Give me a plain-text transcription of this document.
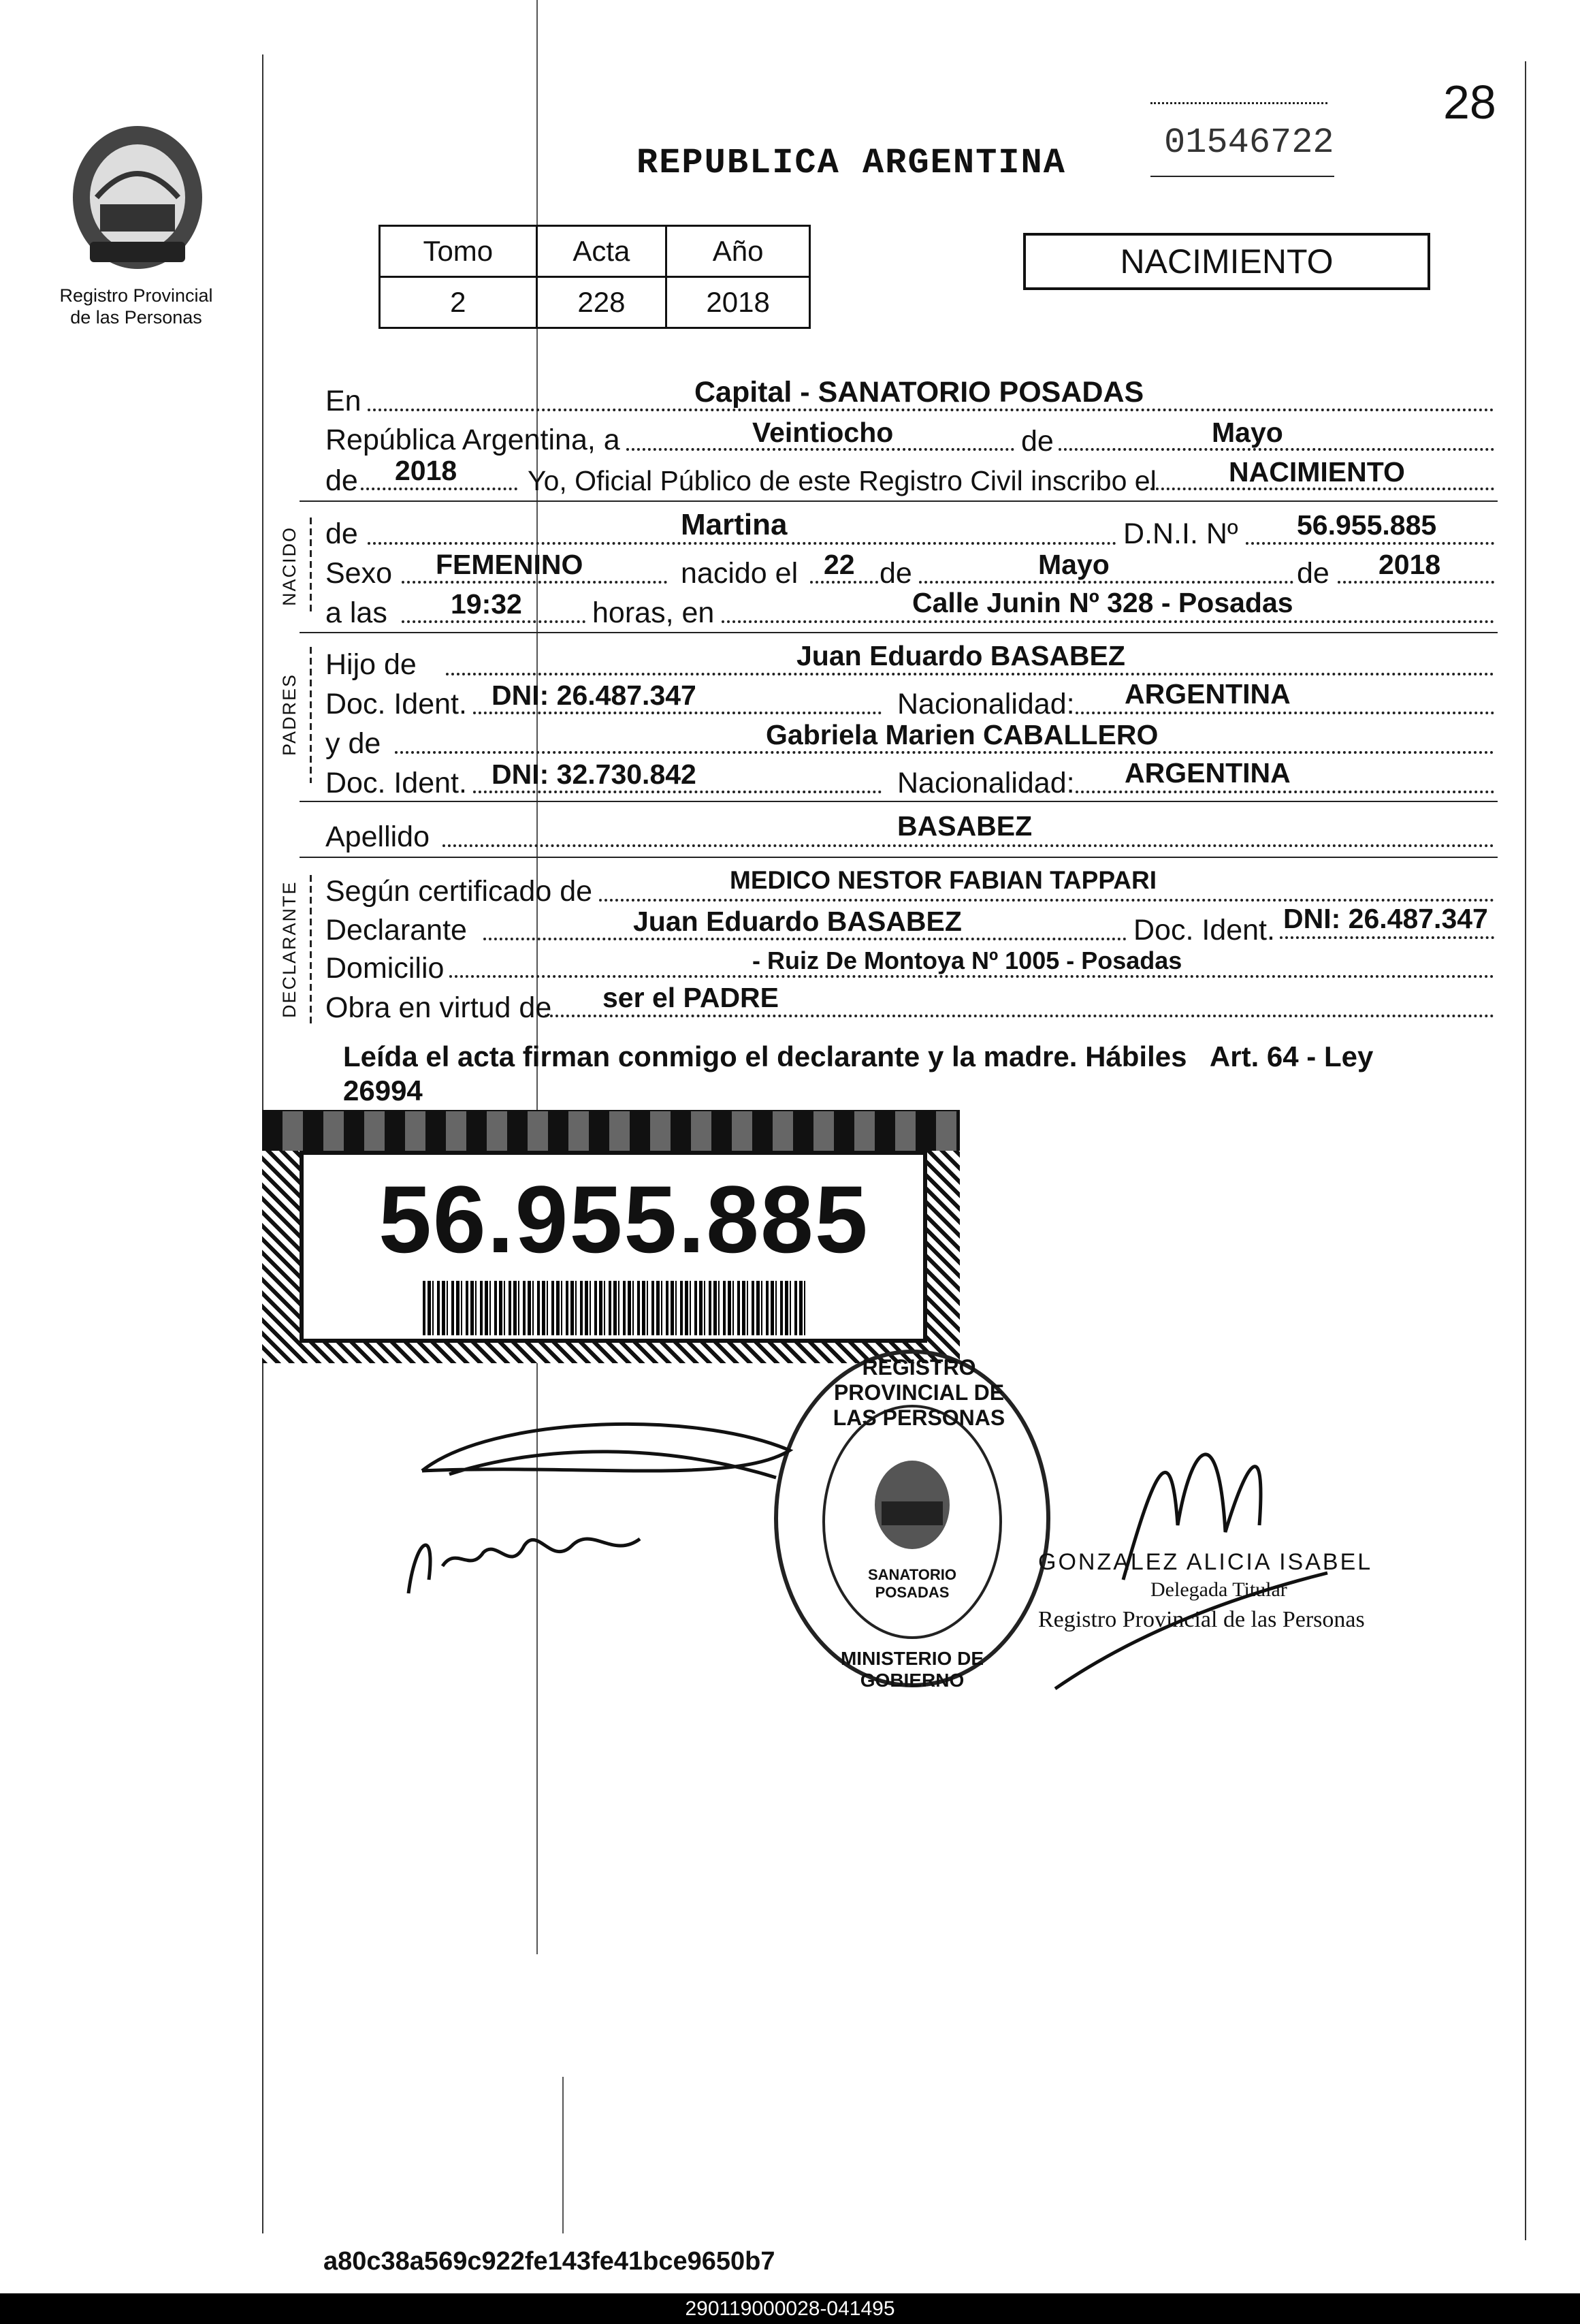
28
Registro Provincial
de las Personas
REPUBLICA ARGENTINA
01546722
Tomo	Acta	Año
2	228	2018
NACIMIENTO
En	Capital - SANATORIO POSADAS
República Argentina, a	Veintiocho	de	Mayo
de 2018	Yo, Oficial Público de este Registro Civil inscribo el	NACIMIENTO
NACIDO de	Martina	D.N.I. Nº 56.955.885
Sexo FEMENINO	nacido el 22 de	Mayo	de 2018
a las 19:32 horas, en	Calle Junin Nº 328 - Posadas
PADRES
Hijo de	Juan Eduardo BASABEZ
Doc. Ident. DNI: 26.487.347	Nacionalidad: ARGENTINA
y de	Gabriela Marien CABALLERO
Doc. Ident. DNI: 32.730.842	Nacionalidad: ARGENTINA
Apellido	BASABEZ
DECLARANTE Según certificado de	MEDICO NESTOR FABIAN TAPPARI
Declarante	Juan Eduardo BASABEZ	Doc. Ident. DNI: 26.487.347
Domicilio	- Ruiz De Montoya Nº 1005 - Posadas
Obra en virtud de ser el PADRE
Leída el acta firman conmigo el declarante y la madre. Hábiles   Art. 64 - Ley
26994
56.955.885
REGISTRO PROVINCIAL DE LAS PERSONAS
SANATORIO POSADAS
MINISTERIO DE GOBIERNO
GONZALEZ ALICIA ISABEL
Delegada Titular
Registro Provincial de las Personas
a80c38a569c922fe143fe41bce9650b7
290119000028-041495
